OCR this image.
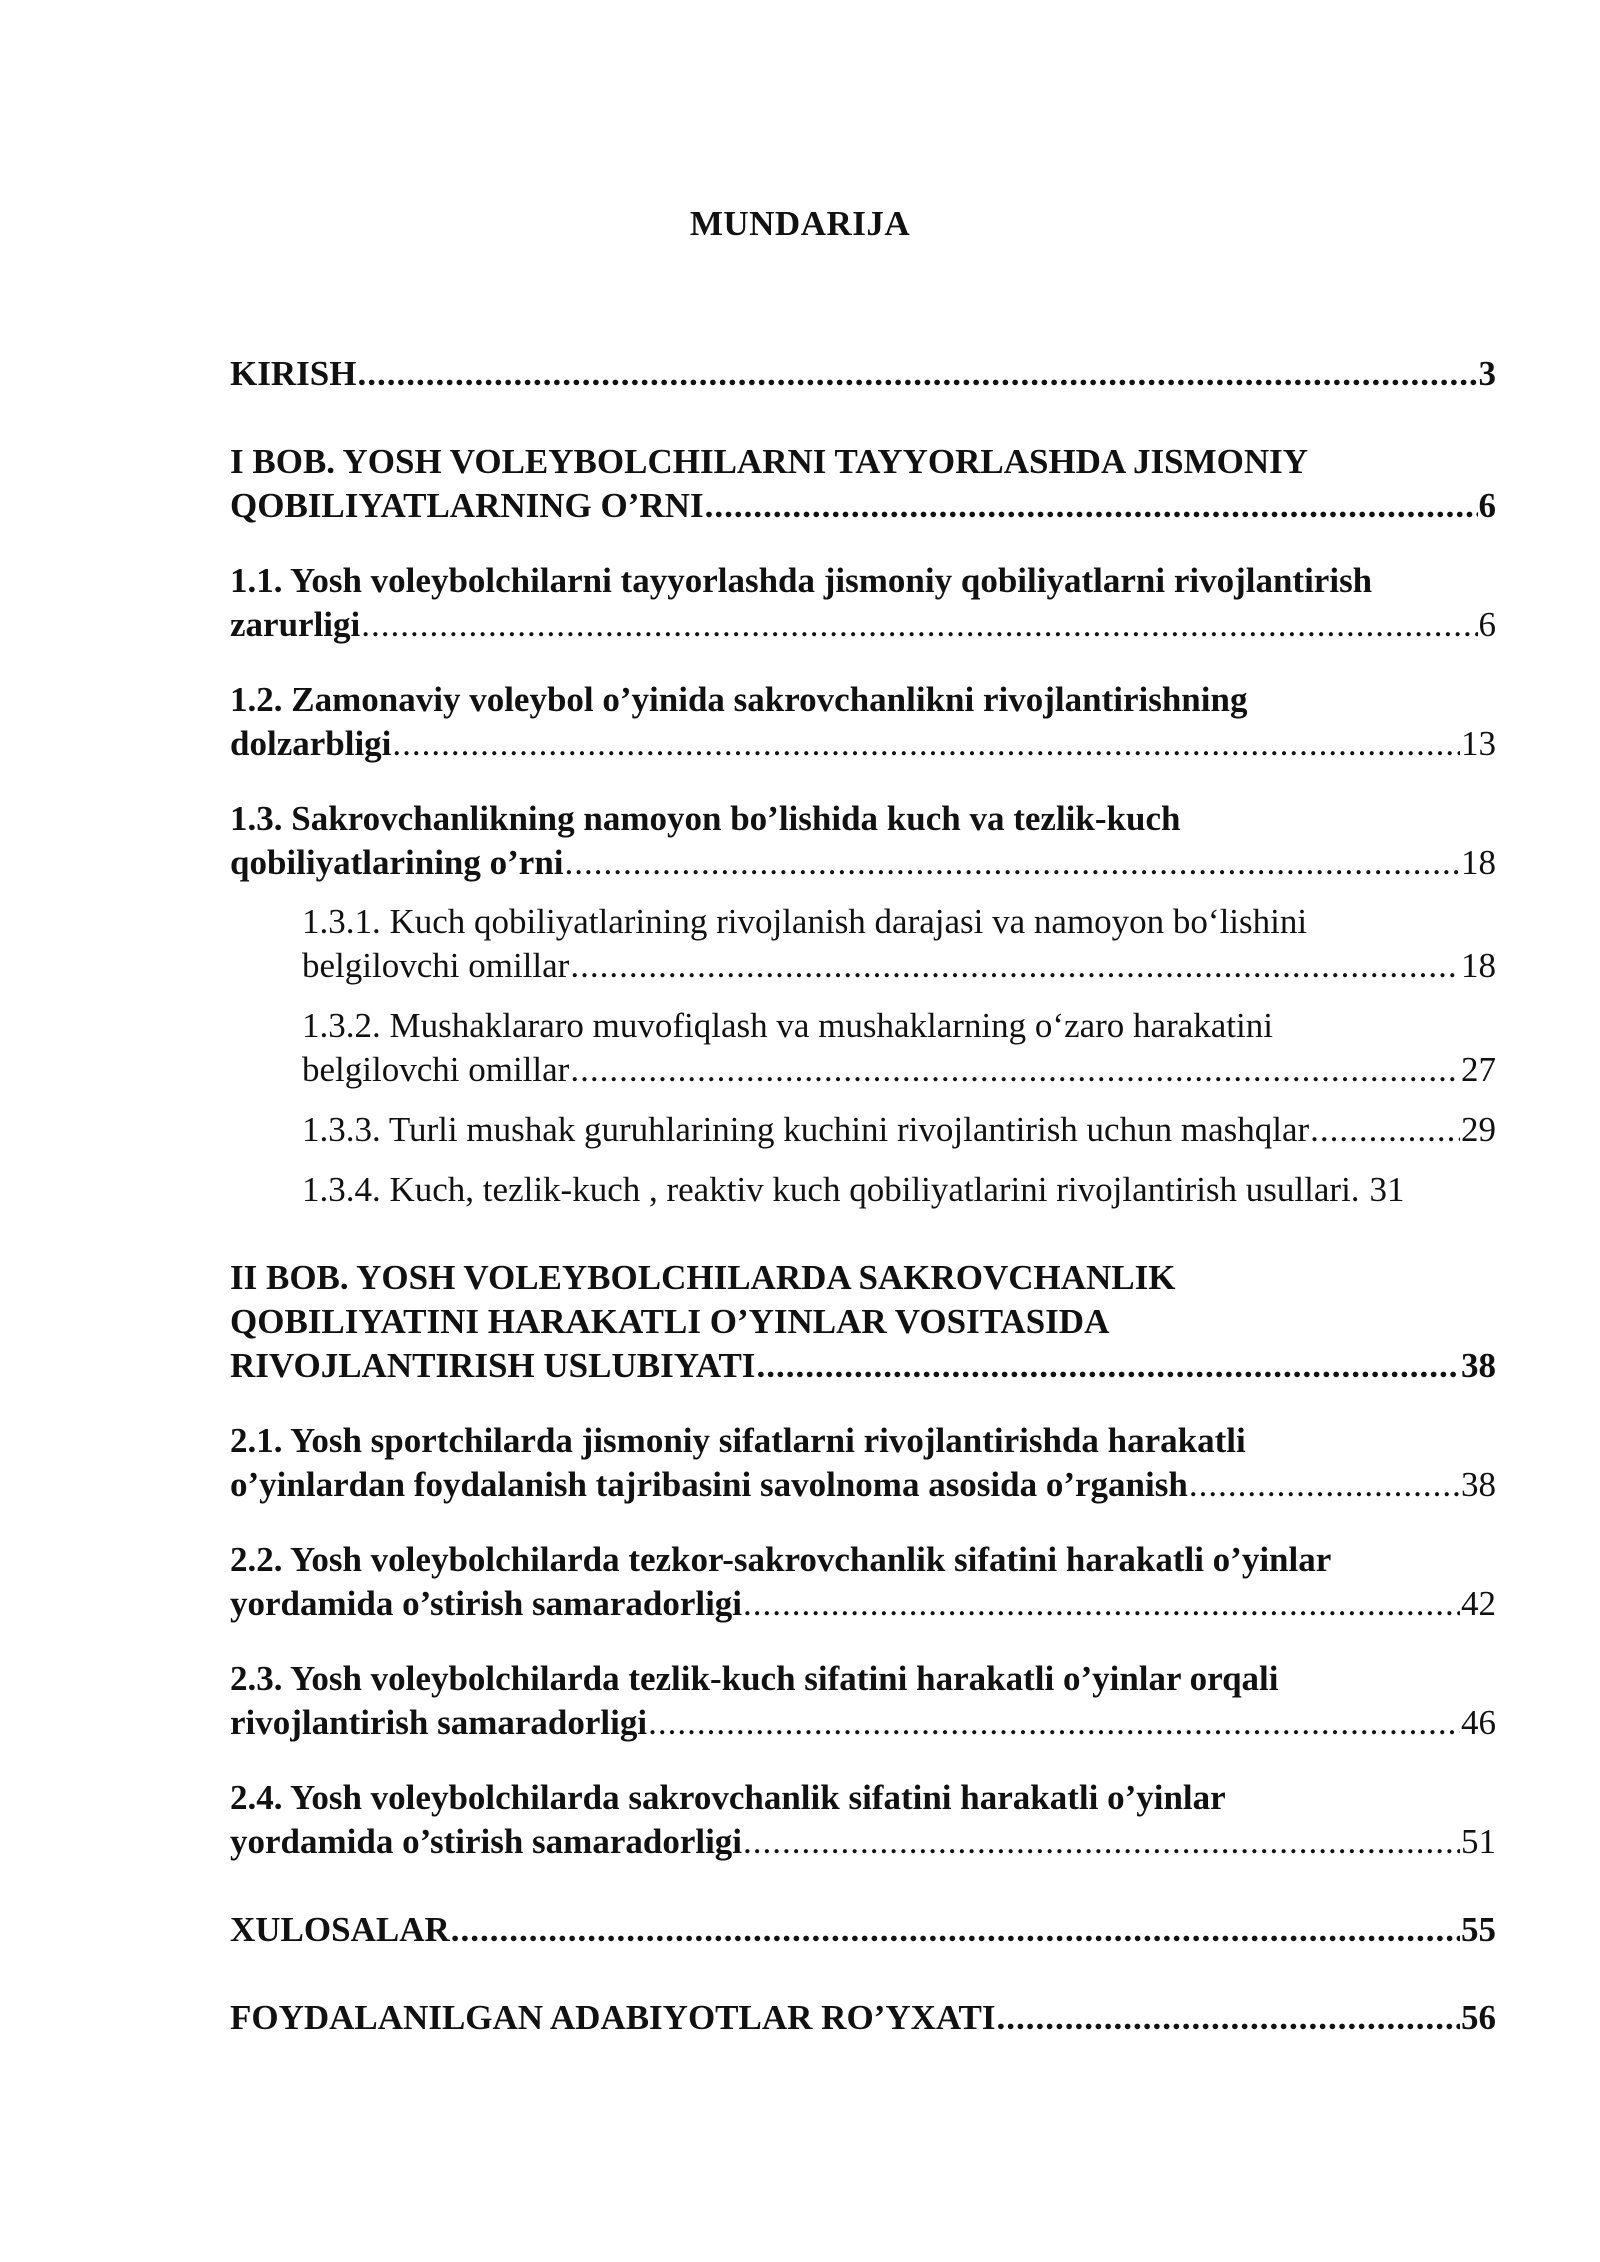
MUNDARIJA
KIRISH .....	3
I BOB. YOSH VOLEYBOLCHILARNI TAYYORLASHDA JISMONIY
QOBILIYATLARNING O’RNI .....	6
1.1. Yosh voleybolchilarni tayyorlashda jismoniy qobiliyatlarni rivojlantirish
zarurligi .....	6
1.2. Zamonaviy voleybol o’yinida sakrovchanlikni rivojlantirishning
dolzarbligi .....	13
1.3. Sakrovchanlikning namoyon bo’lishida kuch va tezlik-kuch
qobiliyatlarining o’rni .....	18
1.3.1. Kuch qobiliyatlarining rivojlanish darajasi va namoyon bo‘lishini
belgilovchi omillar .....	18
1.3.2. Mushaklararo muvofiqlash va mushaklarning o‘zaro harakatini
belgilovchi omillar .....	27
1.3.3. Turli mushak guruhlarining kuchini rivojlantirish uchun mashqlar .....	29
1.3.4. Kuch, tezlik-kuch , reaktiv kuch qobiliyatlarini rivojlantirish usullari. 31
II BOB. YOSH VOLEYBOLCHILARDA SAKROVCHANLIK
QOBILIYATINI HARAKATLI O’YINLAR VOSITASIDA
RIVOJLANTIRISH USLUBIYATI .....	38
2.1. Yosh sportchilarda jismoniy sifatlarni rivojlantirishda harakatli
o’yinlardan foydalanish tajribasini savolnoma asosida o’rganish .....	38
2.2. Yosh voleybolchilarda tezkor-sakrovchanlik sifatini harakatli o’yinlar
yordamida o’stirish samaradorligi .....	42
2.3. Yosh voleybolchilarda tezlik-kuch sifatini harakatli o’yinlar orqali
rivojlantirish samaradorligi .....	46
2.4. Yosh voleybolchilarda sakrovchanlik sifatini harakatli o’yinlar
yordamida o’stirish samaradorligi .....	51
XULOSALAR .....	55
FOYDALANILGAN ADABIYOTLAR RO’YXATI .....	56
